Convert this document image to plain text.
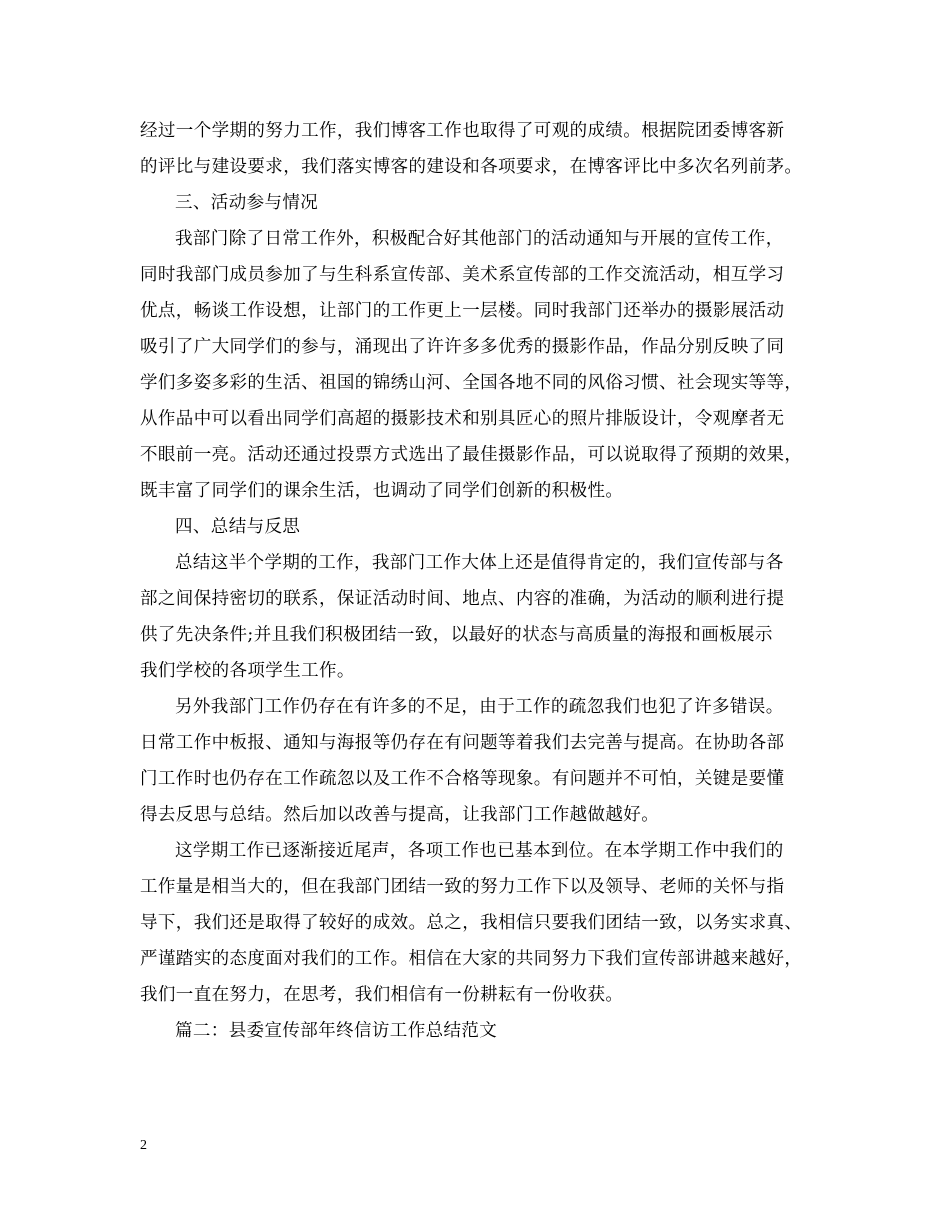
经过一个学期的努力工作，我们博客工作也取得了可观的成绩。根据院团委博客新
的评比与建设要求，我们落实博客的建设和各项要求，在博客评比中多次名列前茅。
三、活动参与情况
我部门除了日常工作外，积极配合好其他部门的活动通知与开展的宣传工作，
同时我部门成员参加了与生科系宣传部、美术系宣传部的工作交流活动，相互学习
优点，畅谈工作设想，让部门的工作更上一层楼。同时我部门还举办的摄影展活动
吸引了广大同学们的参与，涌现出了许许多多优秀的摄影作品，作品分别反映了同
学们多姿多彩的生活、祖国的锦绣山河、全国各地不同的风俗习惯、社会现实等等，
从作品中可以看出同学们高超的摄影技术和别具匠心的照片排版设计，令观摩者无
不眼前一亮。活动还通过投票方式选出了最佳摄影作品，可以说取得了预期的效果，
既丰富了同学们的课余生活，也调动了同学们创新的积极性。
四、总结与反思
总结这半个学期的工作，我部门工作大体上还是值得肯定的，我们宣传部与各
部之间保持密切的联系，保证活动时间、地点、内容的准确，为活动的顺利进行提
供了先决条件;并且我们积极团结一致，以最好的状态与高质量的海报和画板展示
我们学校的各项学生工作。
另外我部门工作仍存在有许多的不足，由于工作的疏忽我们也犯了许多错误。
日常工作中板报、通知与海报等仍存在有问题等着我们去完善与提高。在协助各部
门工作时也仍存在工作疏忽以及工作不合格等现象。有问题并不可怕，关键是要懂
得去反思与总结。然后加以改善与提高，让我部门工作越做越好。
这学期工作已逐渐接近尾声，各项工作也已基本到位。在本学期工作中我们的
工作量是相当大的，但在我部门团结一致的努力工作下以及领导、老师的关怀与指
导下，我们还是取得了较好的成效。总之，我相信只要我们团结一致，以务实求真、
严谨踏实的态度面对我们的工作。相信在大家的共同努力下我们宣传部讲越来越好，
我们一直在努力，在思考，我们相信有一份耕耘有一份收获。
篇二：县委宣传部年终信访工作总结范文
2
